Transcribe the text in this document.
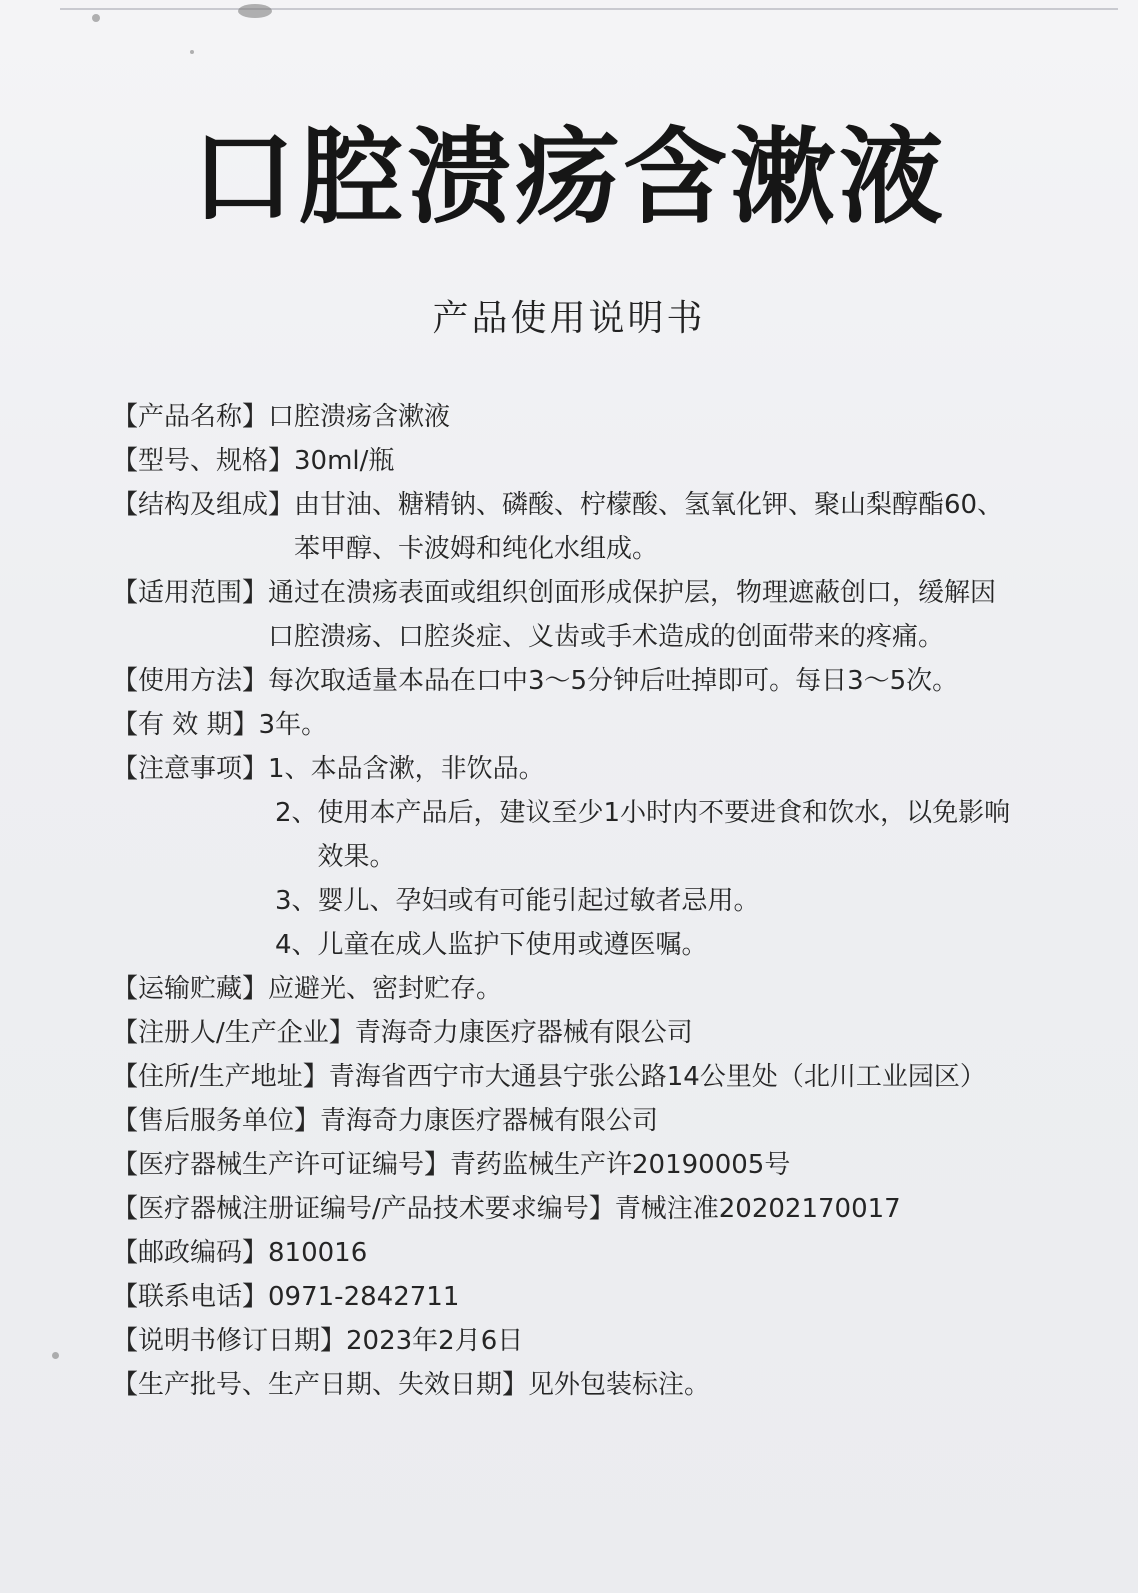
口腔溃疡含漱液
产品使用说明书
【产品名称】 口腔溃疡含漱液
【型号、规格】 30ml/瓶
【结构及组成】 由甘油、糖精钠、磷酸、柠檬酸、氢氧化钾、聚山梨醇酯60、苯甲醇、卡波姆和纯化水组成。
【适用范围】 通过在溃疡表面或组织创面形成保护层，物理遮蔽创口，缓解因口腔溃疡、口腔炎症、义齿或手术造成的创面带来的疼痛。
【使用方法】 每次取适量本品在口中3～5分钟后吐掉即可。每日3～5次。
【有 效 期】 3年。
【注意事项】 1、 本品含漱，非饮品。
2、 使用本产品后，建议至少1小时内不要进食和饮水，以免影响效果。
3、 婴儿、孕妇或有可能引起过敏者忌用。
4、 儿童在成人监护下使用或遵医嘱。
【运输贮藏】 应避光、密封贮存。
【注册人/生产企业】 青海奇力康医疗器械有限公司
【住所/生产地址】 青海省西宁市大通县宁张公路14公里处（北川工业园区）
【售后服务单位】 青海奇力康医疗器械有限公司
【医疗器械生产许可证编号】 青药监械生产许20190005号
【医疗器械注册证编号/产品技术要求编号】 青械注准20202170017
【邮政编码】 810016
【联系电话】 0971-2842711
【说明书修订日期】 2023年2月6日
【生产批号、生产日期、失效日期】 见外包装标注。
